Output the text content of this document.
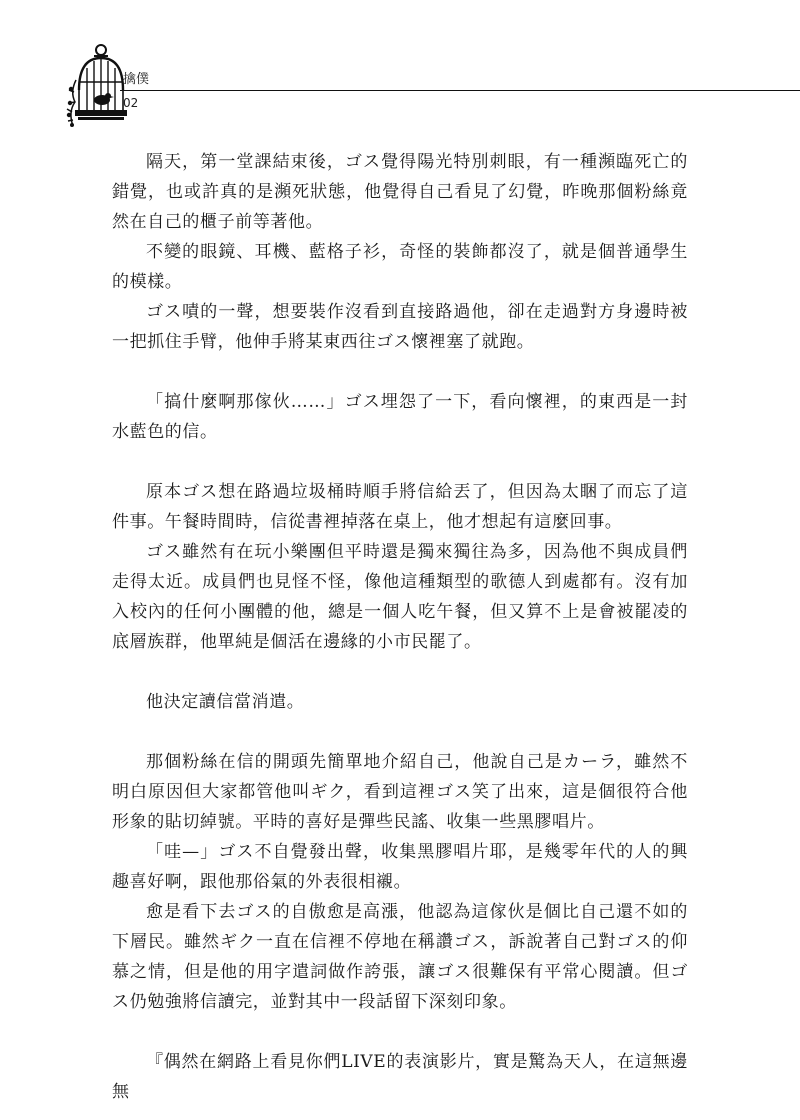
擒僕
02

隔天，第一堂課結束後，ゴス覺得陽光特別刺眼，有一種瀕臨死亡的錯覺，也或許真的是瀕死狀態，他覺得自己看見了幻覺，昨晚那個粉絲竟然在自己的櫃子前等著他。

不變的眼鏡、耳機、藍格子衫，奇怪的裝飾都沒了，就是個普通學生的模樣。

ゴス嘖的一聲，想要裝作沒看到直接路過他，卻在走過對方身邊時被一把抓住手臂，他伸手將某東西往ゴス懷裡塞了就跑。

「搞什麼啊那傢伙……」ゴス埋怨了一下，看向懷裡，的東西是一封水藍色的信。

原本ゴス想在路過垃圾桶時順手將信給丟了，但因為太睏了而忘了這件事。午餐時間時，信從書裡掉落在桌上，他才想起有這麼回事。

ゴス雖然有在玩小樂團但平時還是獨來獨往為多，因為他不與成員們走得太近。成員們也見怪不怪，像他這種類型的歌德人到處都有。沒有加入校內的任何小團體的他，總是一個人吃午餐，但又算不上是會被罷凌的底層族群，他單純是個活在邊緣的小市民罷了。

他決定讀信當消遣。

那個粉絲在信的開頭先簡單地介紹自己，他說自己是カーラ，雖然不明白原因但大家都管他叫ギク，看到這裡ゴス笑了出來，這是個很符合他形象的貼切綽號。平時的喜好是彈些民謠、收集一些黑膠唱片。

「哇—」ゴス不自覺發出聲，收集黑膠唱片耶，是幾零年代的人的興趣喜好啊，跟他那俗氣的外表很相襯。

愈是看下去ゴス的自傲愈是高漲，他認為這傢伙是個比自己還不如的下層民。雖然ギク一直在信裡不停地在稱讚ゴス，訴說著自己對ゴス的仰慕之情，但是他的用字遣詞做作誇張，讓ゴス很難保有平常心閱讀。但ゴス仍勉強將信讀完，並對其中一段話留下深刻印象。

『偶然在網路上看見你們LIVE的表演影片，實是驚為天人，在這無邊無
